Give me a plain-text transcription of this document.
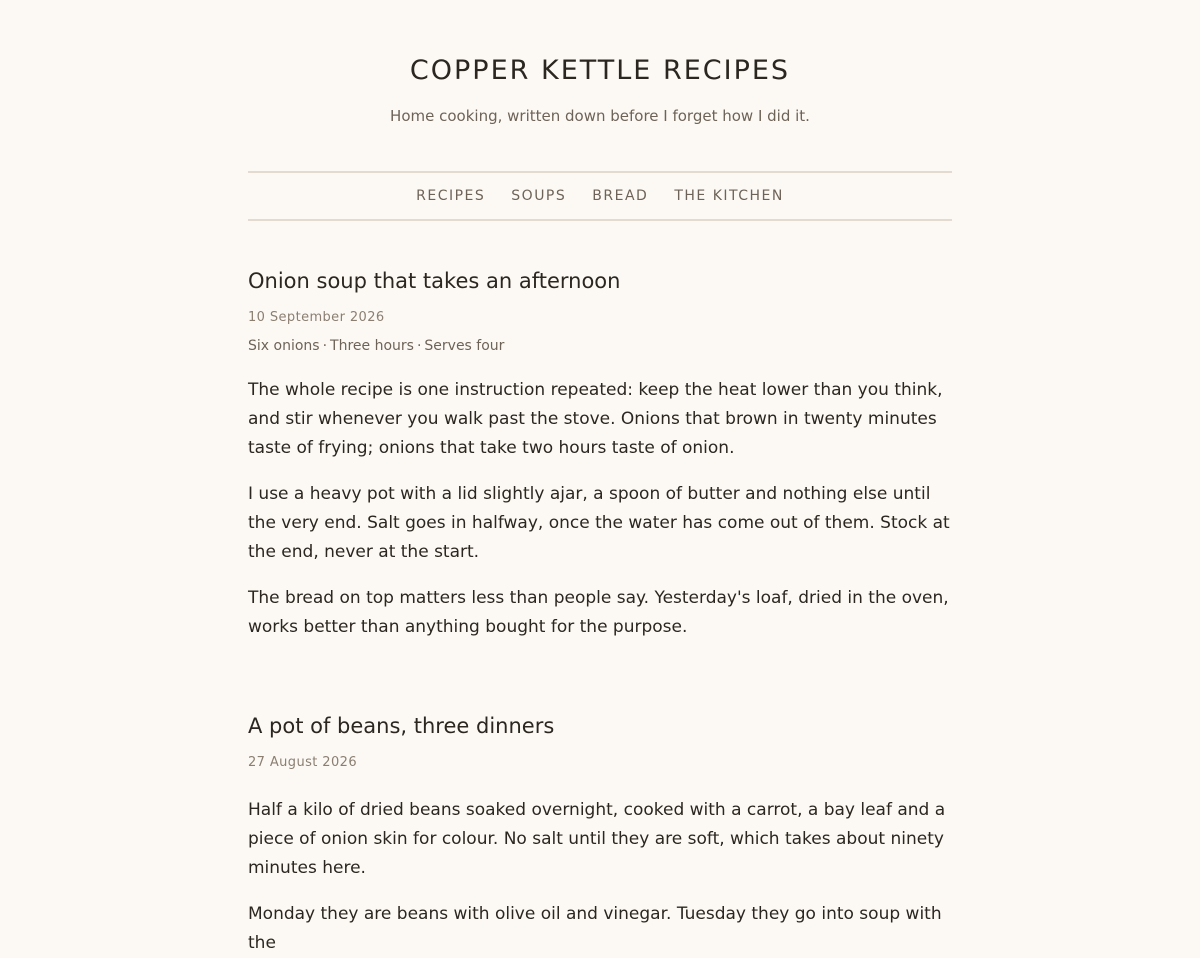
COPPER KETTLE RECIPES

Home cooking, written down before I forget how I did it.

RECIPES SOUPS BREAD THE KITCHEN
Onion soup that takes an afternoon
10 September 2026
Six onions · Three hours · Serves four

The whole recipe is one instruction repeated: keep the heat lower than you think, and stir whenever you walk past the stove. Onions that brown in twenty minutes taste of frying; onions that take two hours taste of onion.

I use a heavy pot with a lid slightly ajar, a spoon of butter and nothing else until the very end. Salt goes in halfway, once the water has come out of them. Stock at the end, never at the start.

The bread on top matters less than people say. Yesterday's loaf, dried in the oven, works better than anything bought for the purpose.

A pot of beans, three dinners
27 August 2026

Half a kilo of dried beans soaked overnight, cooked with a carrot, a bay leaf and a piece of onion skin for colour. No salt until they are soft, which takes about ninety minutes here.

Monday they are beans with olive oil and vinegar. Tuesday they go into soup with the
